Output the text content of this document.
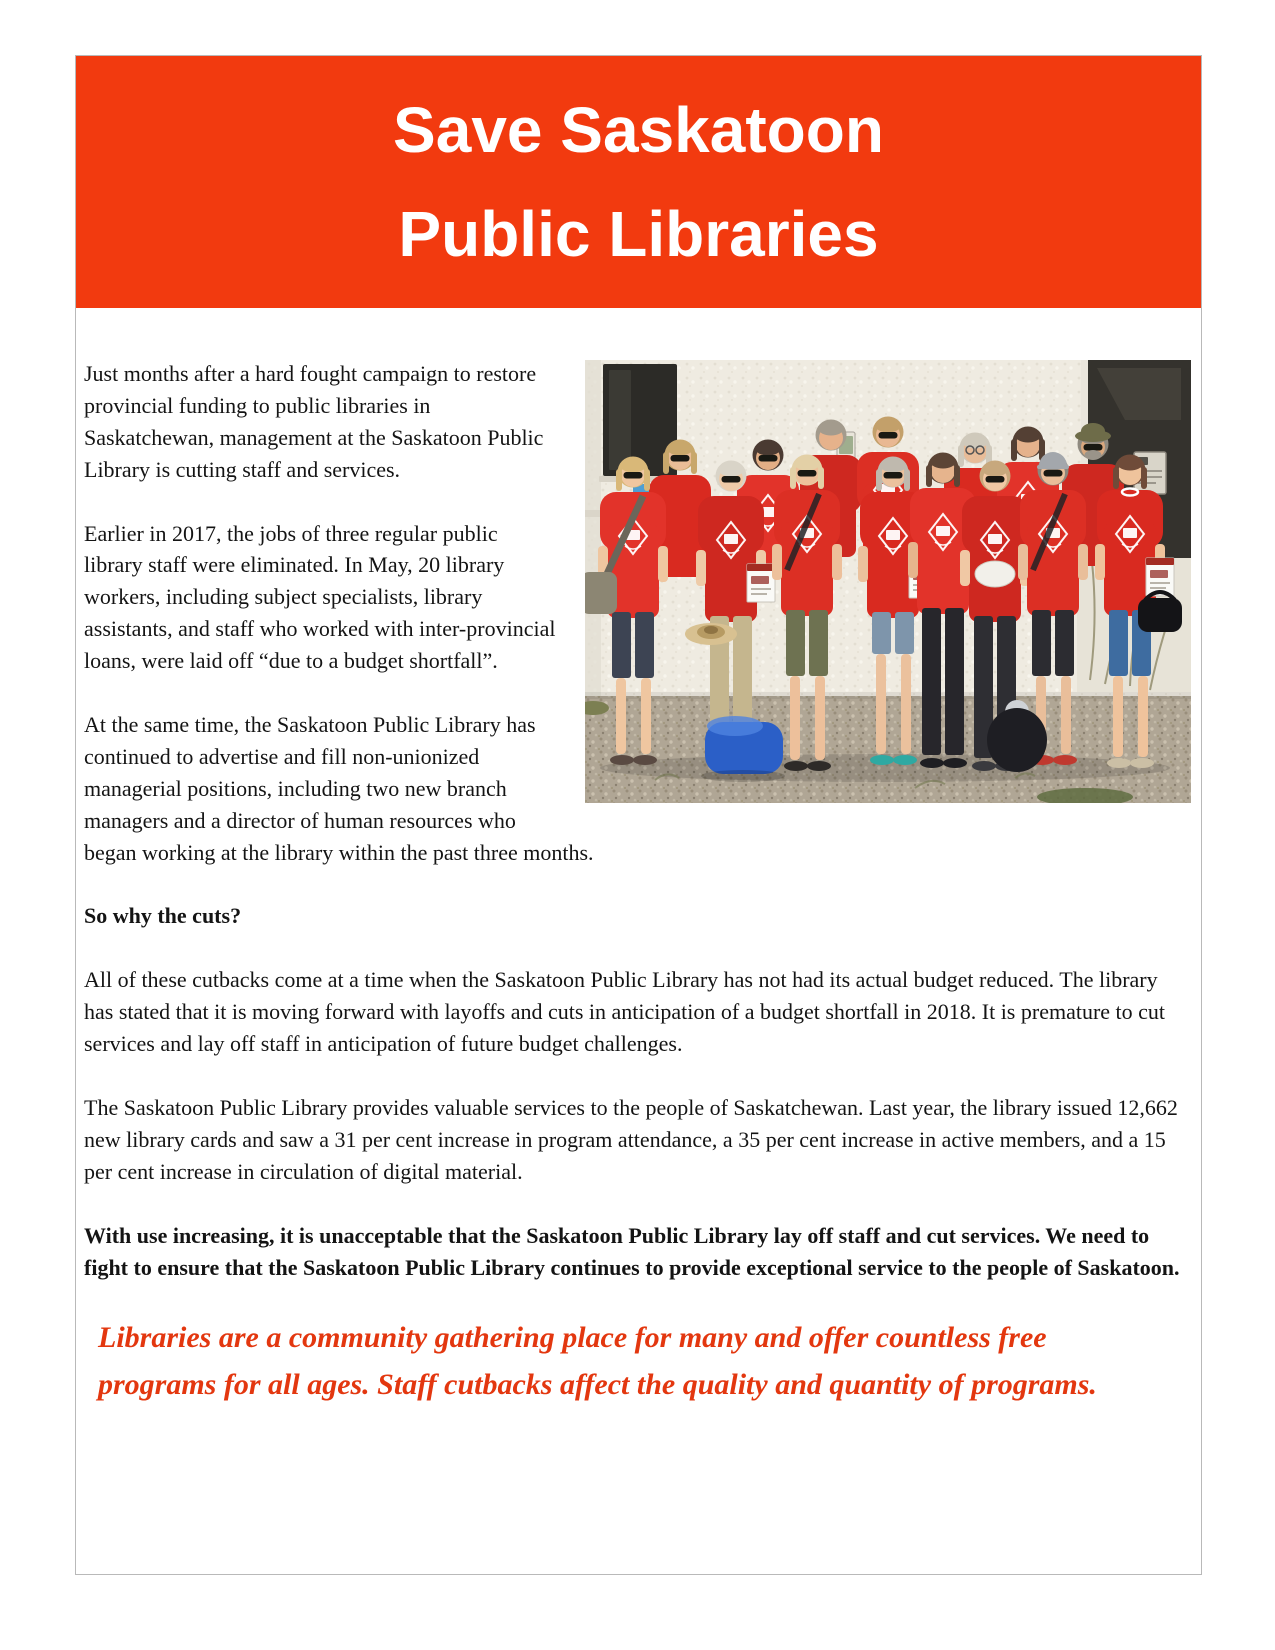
Save Saskatoon
Public Libraries

Just months after a hard fought campaign to restore provincial funding to public libraries in Saskatchewan, management at the Saskatoon Public Library is cutting staff and services.

Earlier in 2017, the jobs of three regular public library staff were eliminated. In May, 20 library workers, including subject specialists, library assistants, and staff who worked with inter-provincial loans, were laid off “due to a budget shortfall”.

At the same time, the Saskatoon Public Library has continued to advertise and fill non-unionized managerial positions, including two new branch managers and a director of human resources who began working at the library within the past three months.

So why the cuts?

All of these cutbacks come at a time when the Saskatoon Public Library has not had its actual budget reduced. The library has stated that it is moving forward with layoffs and cuts in anticipation of a budget shortfall in 2018. It is premature to cut services and lay off staff in anticipation of future budget challenges.

The Saskatoon Public Library provides valuable services to the people of Saskatchewan. Last year, the library issued 12,662 new library cards and saw a 31 per cent increase in program attendance, a 35 per cent increase in active members, and a 15 per cent increase in circulation of digital material.

With use increasing, it is unacceptable that the Saskatoon Public Library lay off staff and cut services. We need to fight to ensure that the Saskatoon Public Library continues to provide exceptional service to the people of Saskatoon.

Libraries are a community gathering place for many and offer countless free programs for all ages. Staff cutbacks affect the quality and quantity of programs.
